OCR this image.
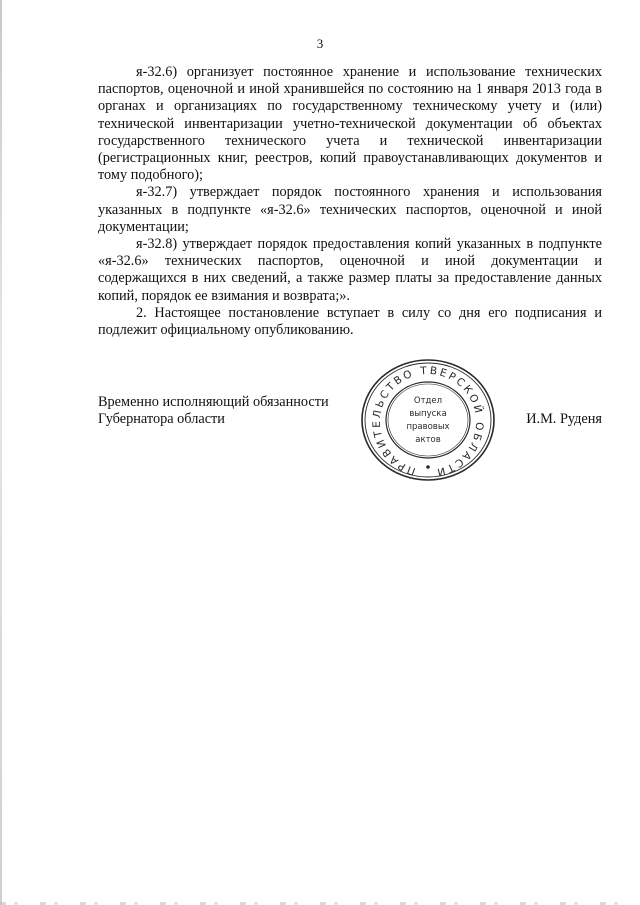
3

я-32.6) организует постоянное хранение и использование технических паспортов, оценочной и иной хранившейся по состоянию на 1 января 2013 года в органах и организациях по государственному техническому учету и (или) технической инвентаризации учетно-технической документации об объектах государственного технического учета и технической инвентаризации (регистрационных книг, реестров, копий правоустанавливающих документов и тому подобного);

я-32.7) утверждает порядок постоянного хранения и использования указанных в подпункте «я-32.6» технических паспортов, оценочной и иной документации;

я-32.8) утверждает порядок предоставления копий указанных в подпункте «я-32.6» технических паспортов, оценочной и иной документации и содержащихся в них сведений, а также размер платы за предоставление данных копий, порядок ее взимания и возврата;».

2. Настоящее постановление вступает в силу со дня его подписания и подлежит официальному опубликованию.

Временно исполняющий обязанности
Губернатора области	И.М. Руденя
ПРАВИТЕЛЬСТВО ТВЕРСКОЙ ОБЛАСТИ
Отдел
выпуска
правовых
актов
